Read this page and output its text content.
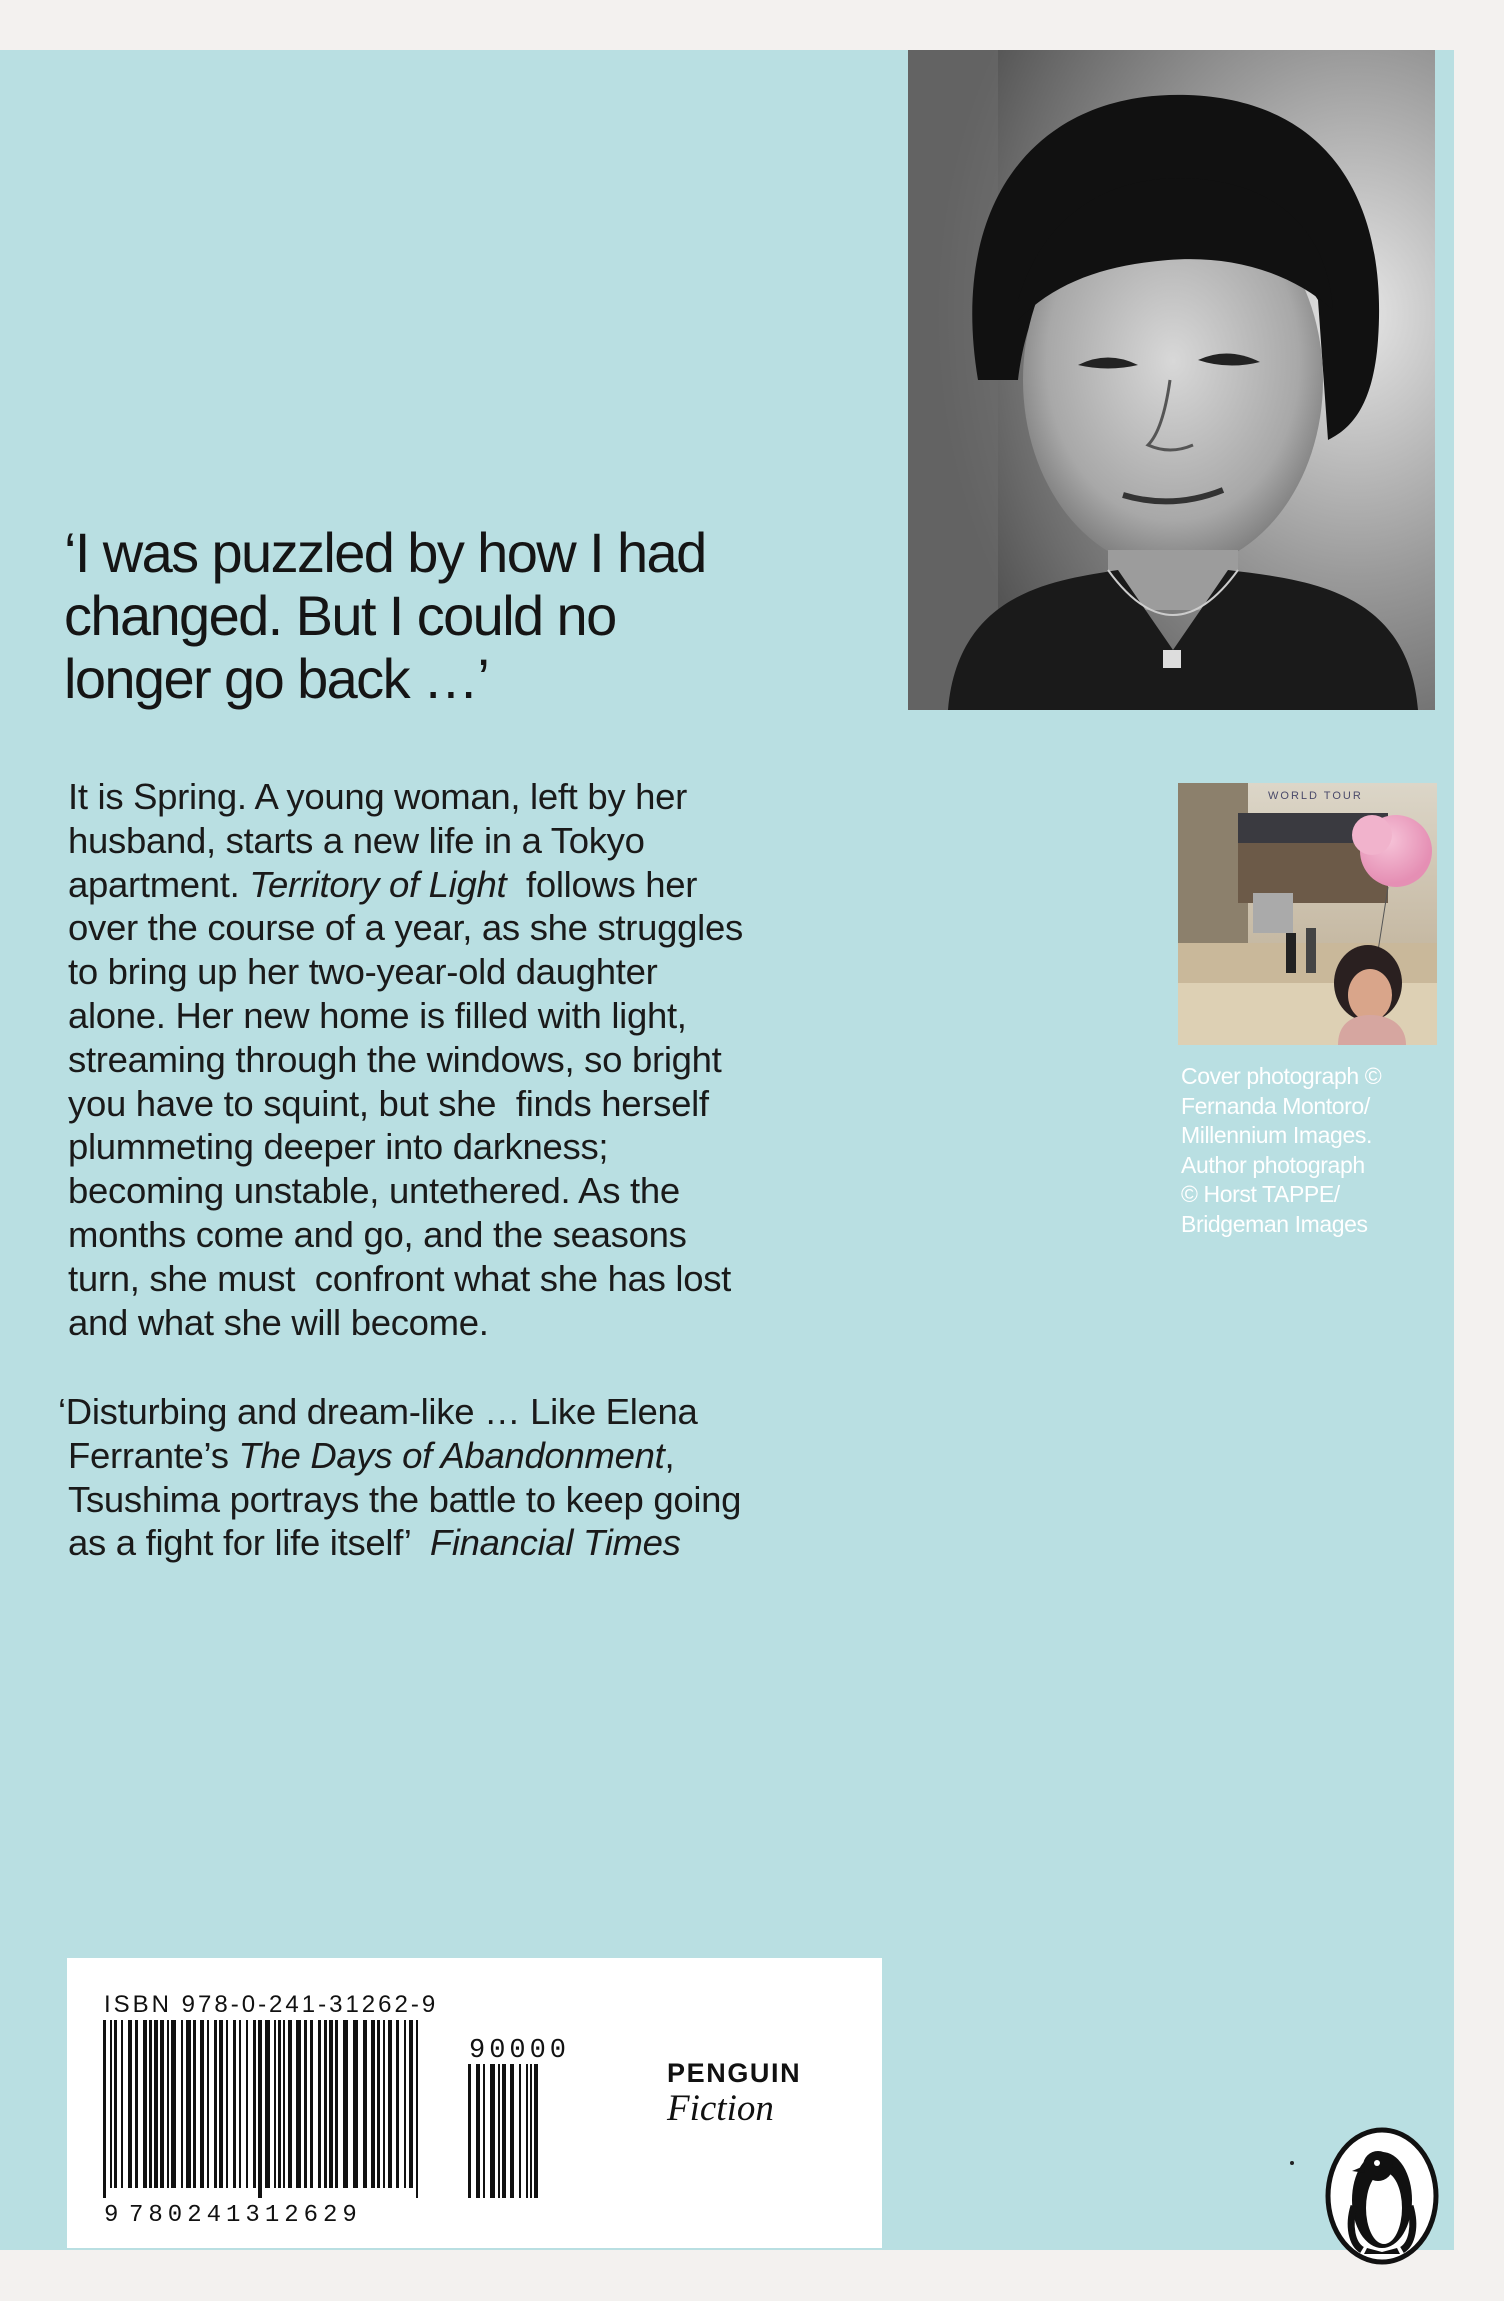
‘I was puzzled by how I had
changed. But I could no
longer go back …’

It is Spring. A young woman, left by her

husband, starts a new life in a Tokyo

apartment. Territory of Light  follows her

over the course of a year, as she struggles

to bring up her two-year-old daughter

alone. Her new home is filled with light,

streaming through the windows, so bright

you have to squint, but she  finds herself

plummeting deeper into darkness;

becoming unstable, untethered. As the

months come and go, and the seasons

turn, she must  confront what she has lost

and what she will become.

‘Disturbing and dream-like … Like Elena
Ferrante’s The Days of Abandonment,
Tsushima portrays the battle to keep going
as a fight for life itself’  Financial Times
WORLD TOUR
Cover photograph ©
Fernanda Montoro/
Millennium Images.
Author photograph
© Horst TAPPE/
Bridgeman Images
ISBN 978-0-241-31262-9
90000
9 780241312629
PENGUIN
Fiction
